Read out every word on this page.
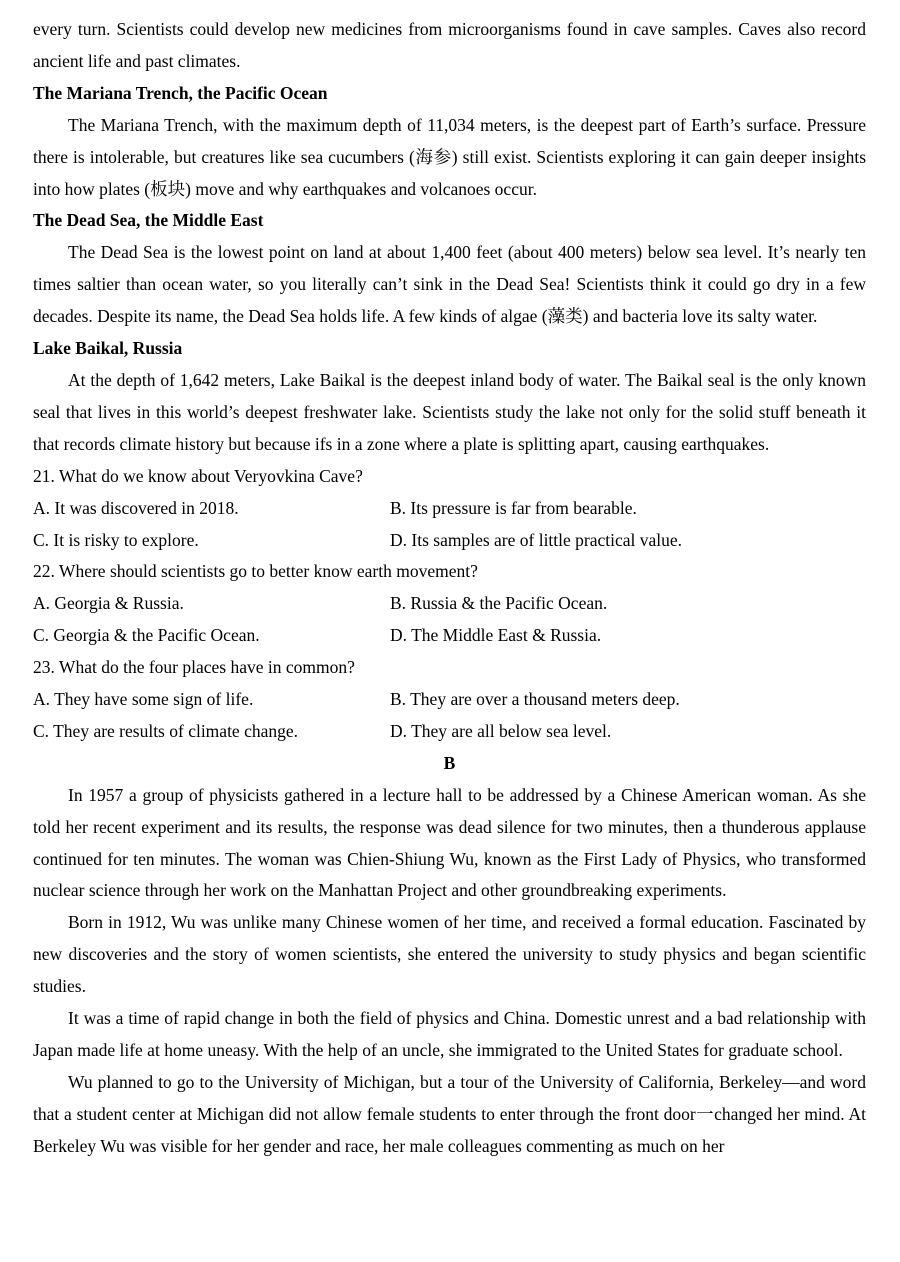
every turn. Scientists could develop new medicines from microorganisms found in cave samples. Caves also record ancient life and past climates.
The Mariana Trench, the Pacific Ocean
The Mariana Trench, with the maximum depth of 11,034 meters, is the deepest part of Earth’s surface. Pressure there is intolerable, but creatures like sea cucumbers (海参) still exist. Scientists exploring it can gain deeper insights into how plates (板块) move and why earthquakes and volcanoes occur.
The Dead Sea, the Middle East
The Dead Sea is the lowest point on land at about 1,400 feet (about 400 meters) below sea level. It’s nearly ten times saltier than ocean water, so you literally can’t sink in the Dead Sea! Scientists think it could go dry in a few decades. Despite its name, the Dead Sea holds life. A few kinds of algae (藻类) and bacteria love its salty water.
Lake Baikal, Russia
At the depth of 1,642 meters, Lake Baikal is the deepest inland body of water. The Baikal seal is the only known seal that lives in this world’s deepest freshwater lake. Scientists study the lake not only for the solid stuff beneath it that records climate history but because ifs in a zone where a plate is splitting apart, causing earthquakes.
21. What do we know about Veryovkina Cave?
A. It was discovered in 2018.	B. Its pressure is far from bearable.
C. It is risky to explore.	D. Its samples are of little practical value.
22. Where should scientists go to better know earth movement?
A. Georgia & Russia.	B. Russia & the Pacific Ocean.
C. Georgia & the Pacific Ocean.	D. The Middle East & Russia.
23. What do the four places have in common?
A. They have some sign of life.	B. They are over a thousand meters deep.
C. They are results of climate change.	D. They are all below sea level.
B
In 1957 a group of physicists gathered in a lecture hall to be addressed by a Chinese American woman. As she told her recent experiment and its results, the response was dead silence for two minutes, then a thunderous applause continued for ten minutes. The woman was Chien-Shiung Wu, known as the First Lady of Physics, who transformed nuclear science through her work on the Manhattan Project and other groundbreaking experiments.
Born in 1912, Wu was unlike many Chinese women of her time, and received a formal education. Fascinated by new discoveries and the story of women scientists, she entered the university to study physics and began scientific studies.
It was a time of rapid change in both the field of physics and China. Domestic unrest and a bad relationship with Japan made life at home uneasy. With the help of an uncle, she immigrated to the United States for graduate school.
Wu planned to go to the University of Michigan, but a tour of the University of California, Berkeley—and word that a student center at Michigan did not allow female students to enter through the front door一changed her mind. At Berkeley Wu was visible for her gender and race, her male colleagues commenting as much on her
